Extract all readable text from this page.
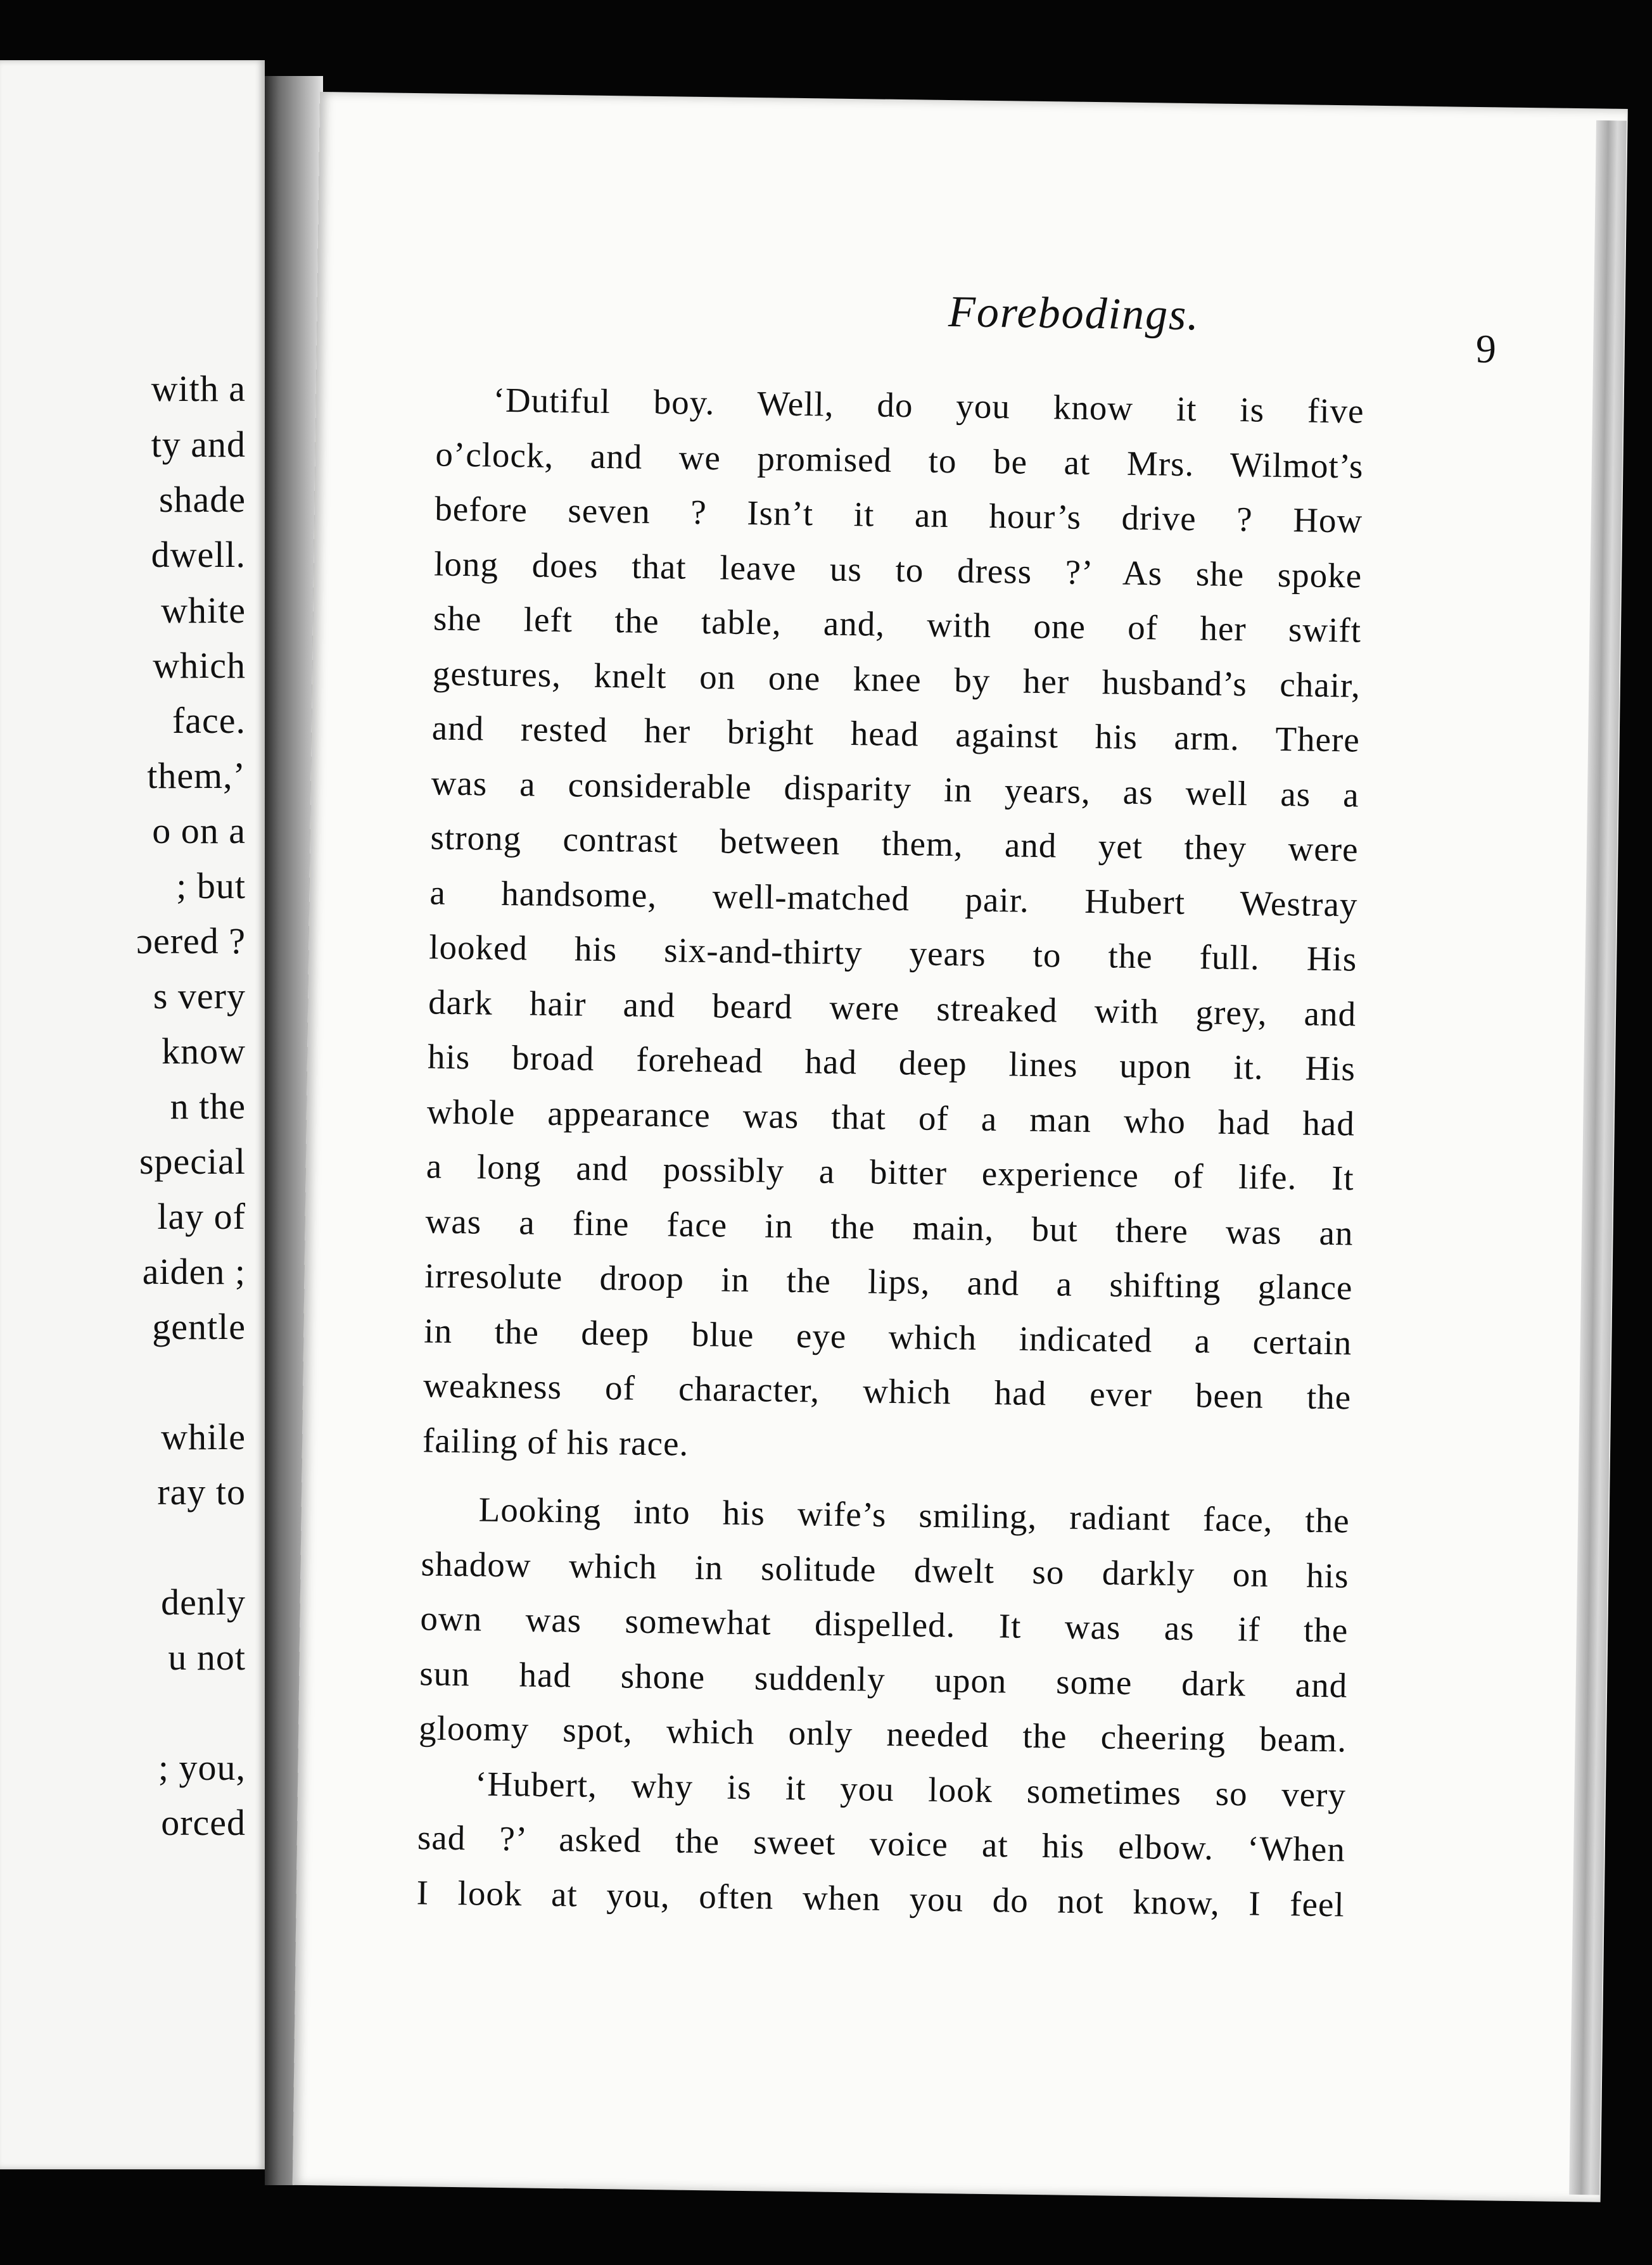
with a
ty and
shade
dwell.
white
which
face.
them,’
o on a
; but
ɔered ?
s very
know
n the
special
lay of
aiden ;
gentle
while
ray to
denly
u not
; you,
orced
Forebodings.
9
‘Dutiful boy. Well, do you know it is five
o’clock, and we promised to be at Mrs. Wilmot’s
before seven ? Isn’t it an hour’s drive ? How
long does that leave us to dress ?’ As she spoke
she left the table, and, with one of her swift
gestures, knelt on one knee by her husband’s chair,
and rested her bright head against his arm. There
was a considerable disparity in years, as well as a
strong contrast between them, and yet they were
a handsome, well-matched pair. Hubert Westray
looked his six-and-thirty years to the full. His
dark hair and beard were streaked with grey, and
his broad forehead had deep lines upon it. His
whole appearance was that of a man who had had
a long and possibly a bitter experience of life. It
was a fine face in the main, but there was an
irresolute droop in the lips, and a shifting glance
in the deep blue eye which indicated a certain
weakness of character, which had ever been the
failing of his race.
Looking into his wife’s smiling, radiant face, the
shadow which in solitude dwelt so darkly on his
own was somewhat dispelled. It was as if the
sun had shone suddenly upon some dark and
gloomy spot, which only needed the cheering beam.
‘Hubert, why is it you look sometimes so very
sad ?’ asked the sweet voice at his elbow. ‘When
I look at you, often when you do not know, I feel
